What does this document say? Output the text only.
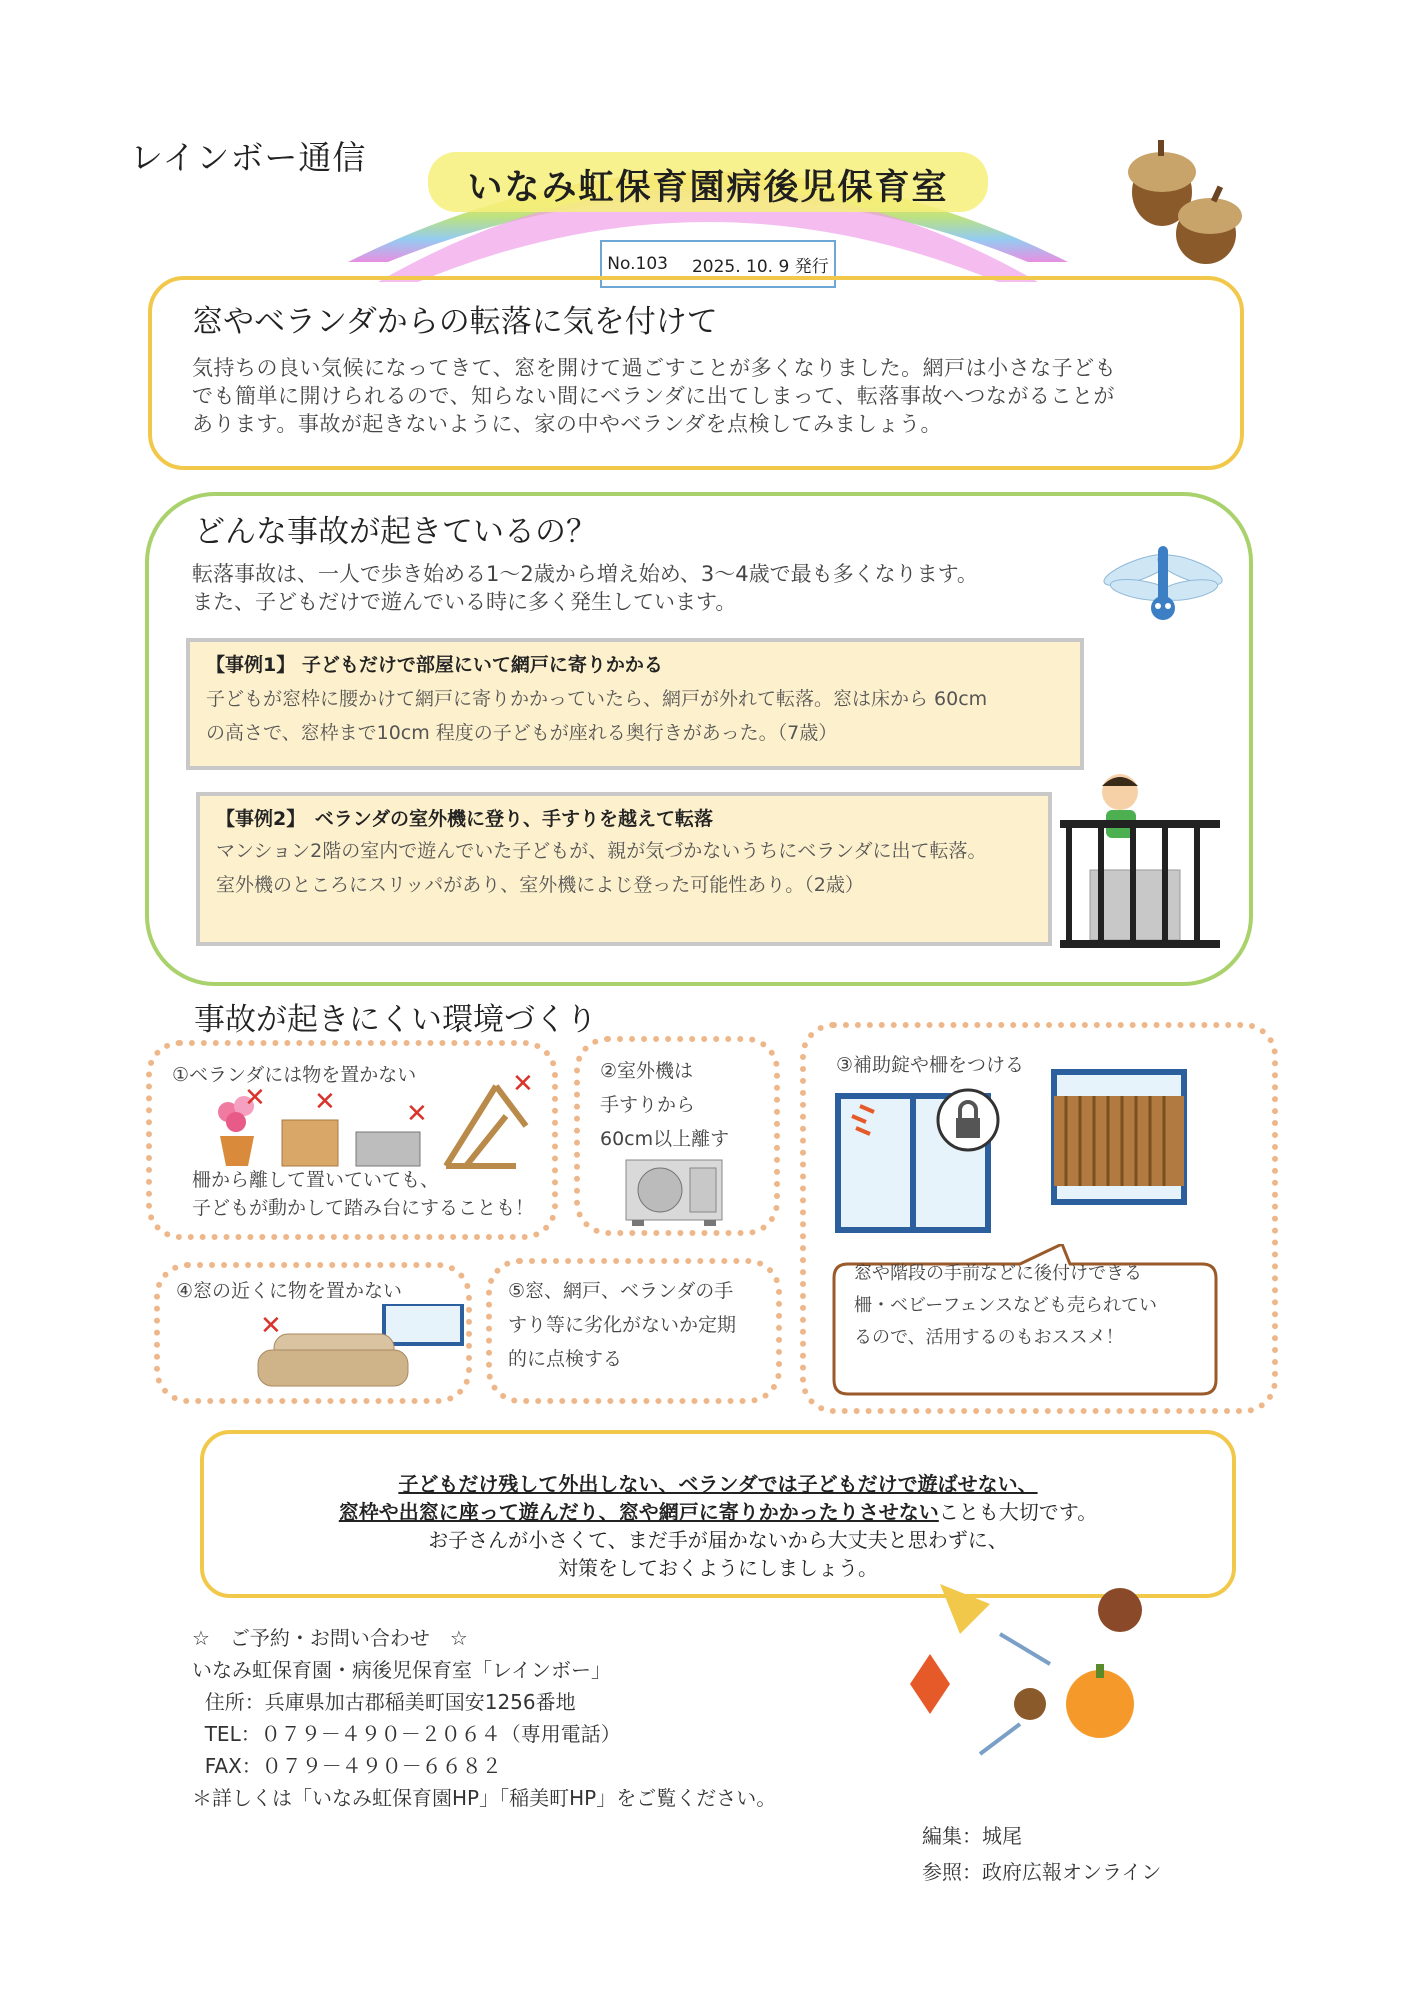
レインボー通信
いなみ虹保育園病後児保育室
No.103 2025. 10. 9 発行
窓やベランダからの転落に気を付けて
気持ちの良い気候になってきて、窓を開けて過ごすことが多くなりました。網戸は小さな子ども
でも簡単に開けられるので、知らない間にベランダに出てしまって、転落事故へつながることが
あります。事故が起きないように、家の中やベランダを点検してみましょう。
どんな事故が起きているの？
転落事故は、一人で歩き始める1～2歳から増え始め、3～4歳で最も多くなります。
また、子どもだけで遊んでいる時に多く発生しています。
【事例1】 子どもだけで部屋にいて網戸に寄りかかる
子どもが窓枠に腰かけて網戸に寄りかかっていたら、網戸が外れて転落。窓は床から 60cm
の高さで、窓枠まで10cm 程度の子どもが座れる奥行きがあった。（7歳）
【事例2】　ベランダの室外機に登り、手すりを越えて転落
マンション2階の室内で遊んでいた子どもが、親が気づかないうちにベランダに出て転落。
室外機のところにスリッパがあり、室外機によじ登った可能性あり。（2歳）
事故が起きにくい環境づくり
①ベランダには物を置かない
✕ ✕	✕
✕
柵から離して置いていても、
子どもが動かして踏み台にすることも！
②室外機は
手すりから
60cm以上離す
③補助錠や柵をつける
窓や階段の手前などに後付けできる
柵・ベビーフェンスなども売られてい
るので、活用するのもおススメ！
④窓の近くに物を置かない
✕
⑤窓、網戸、ベランダの手
すり等に劣化がないか定期
的に点検する
子どもだけ残して外出しない、ベランダでは子どもだけで遊ばせない、
窓枠や出窓に座って遊んだり、窓や網戸に寄りかかったりさせないことも大切です。
お子さんが小さくて、まだ手が届かないから大丈夫と思わずに、
対策をしておくようにしましょう。
☆　ご予約・お問い合わせ　☆
いなみ虹保育園・病後児保育室「レインボー」
住所：兵庫県加古郡稲美町国安1256番地
TEL：０７９－４９０－２０６４（専用電話）
FAX：０７９－４９０－６６８２
＊詳しくは「いなみ虹保育園HP」「稲美町HP」をご覧ください。
編集：城尾
参照：政府広報オンライン
